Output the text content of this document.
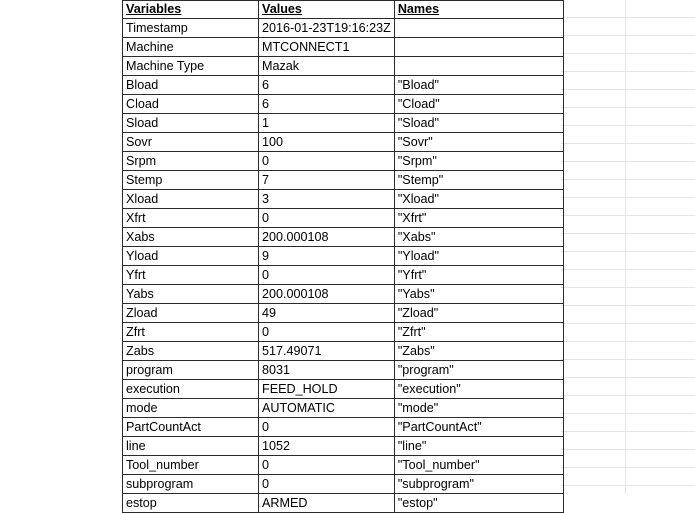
Variables	Values	Names
Timestamp	2016-01-23T19:16:23Z	
Machine	MTCONNECT1	
Machine Type	Mazak	
Bload	6	"Bload"
Cload	6	"Cload"
Sload	1	"Sload"
Sovr	100	"Sovr"
Srpm	0	"Srpm"
Stemp	7	"Stemp"
Xload	3	"Xload"
Xfrt	0	"Xfrt"
Xabs	200.000108	"Xabs"
Yload	9	"Yload"
Yfrt	0	"Yfrt"
Yabs	200.000108	"Yabs"
Zload	49	"Zload"
Zfrt	0	"Zfrt"
Zabs	517.49071	"Zabs"
program	8031	"program"
execution	FEED_HOLD	"execution"
mode	AUTOMATIC	"mode"
PartCountAct	0	"PartCountAct"
line	1052	"line"
Tool_number	0	"Tool_number"
subprogram	0	"subprogram"
estop	ARMED	"estop"
